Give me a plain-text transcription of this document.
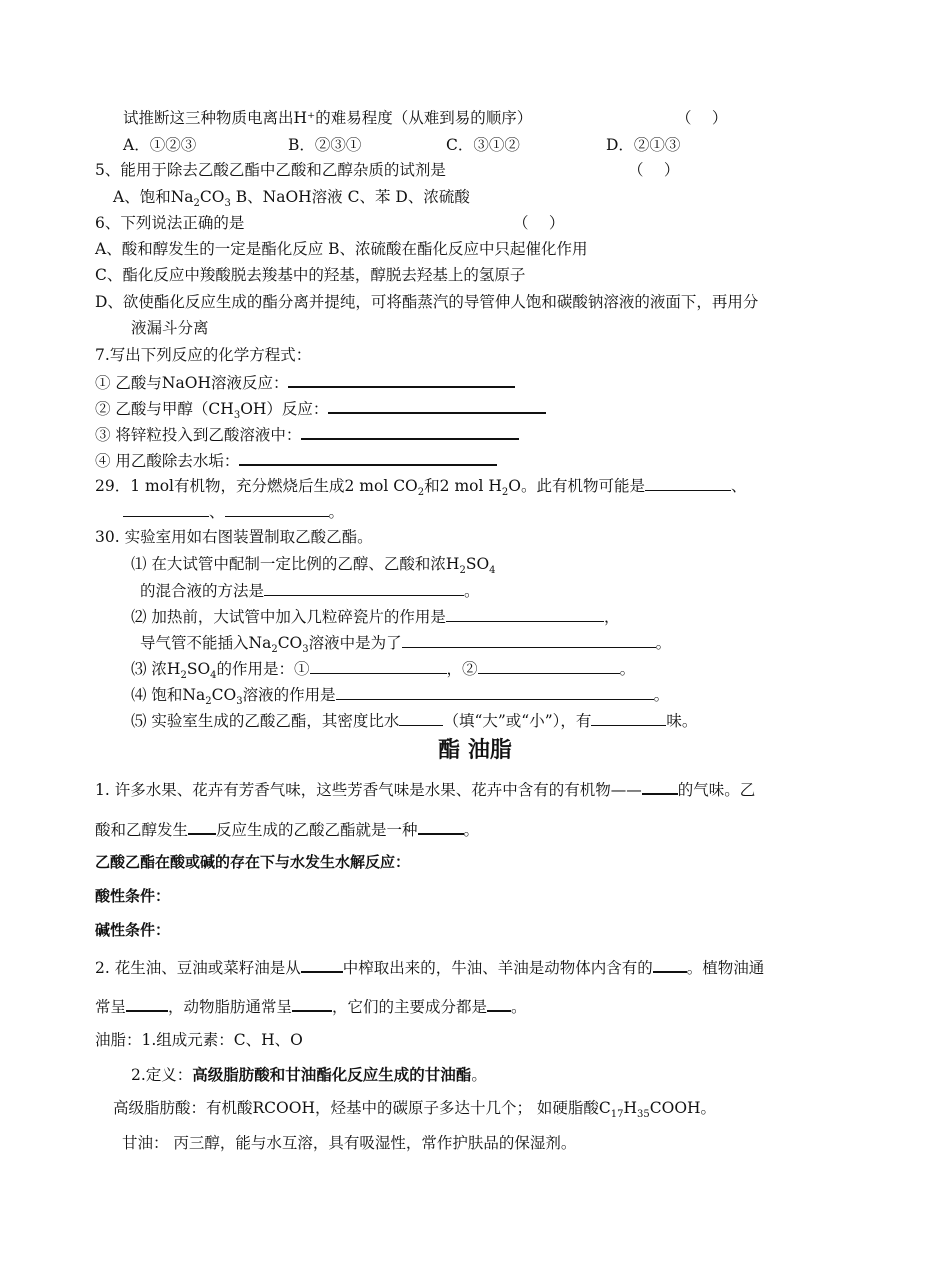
试推断这三种物质电离出H⁺的难易程度（从难到易的顺序）	（　 ）
A．①②③	B．②③①	C．③①②	D．②①③
5、能用于除去乙酸乙酯中乙酸和乙醇杂质的试剂是	（　 ）
A、饱和$Na_2CO_3$ B、NaOH溶液 C、苯 D、浓硫酸
6、下列说法正确的是	（　 ）
A、酸和醇发生的一定是酯化反应 B、浓硫酸在酯化反应中只起催化作用
C、酯化反应中羧酸脱去羧基中的羟基，醇脱去羟基上的氢原子
D、欲使酯化反应生成的酯分离并提纯，可将酯蒸汽的导管伸人饱和碳酸钠溶液的液面下，再用分
液漏斗分离
7.写出下列反应的化学方程式：
① 乙酸与NaOH溶液反应：
② 乙酸与甲醇$(CH_3OH)$反应：
③ 将锌粒投入到乙酸溶液中：
④ 用乙酸除去水垢：
29．1 mol有机物，充分燃烧后生成2 mol $CO_2$和2 mol $H_2O$。此有机物可能是	、
、	。
30. 实验室用如右图装置制取乙酸乙酯。
⑴ 在大试管中配制一定比例的乙醇、乙酸和浓$H_2SO_4$
的混合液的方法是	。
⑵ 加热前，大试管中加入几粒碎瓷片的作用是	，
导气管不能插入$Na_2CO_3$溶液中是为了	。
⑶ 浓$H_2SO_4$的作用是：①	，②	。
⑷ 饱和$Na_2CO_3$溶液的作用是	。
⑸ 实验室生成的乙酸乙酯，其密度比水	（填“大”或“小”），有	味。
酯 油脂
1. 许多水果、花卉有芳香气味，这些芳香气味是水果、花卉中含有的有机物—— 的气味。乙
酸和乙醇发生 反应生成的乙酸乙酯就是一种	。
乙酸乙酯在酸或碱的存在下与水发生水解反应：
酸性条件：
碱性条件：
2. 花生油、豆油或菜籽油是从	中榨取出来的，牛油、羊油是动物体内含有的 。植物油通
常呈	，动物脂肪通常呈	，它们的主要成分都是 。
油脂：1.组成元素：C、H、O
2.定义：高级脂肪酸和甘油酯化反应生成的甘油酯。
高级脂肪酸：有机酸RCOOH，烃基中的碳原子多达十几个； 如硬脂酸$C_{17}H_{35}COOH$。
甘油： 丙三醇，能与水互溶，具有吸湿性，常作护肤品的保湿剂。
